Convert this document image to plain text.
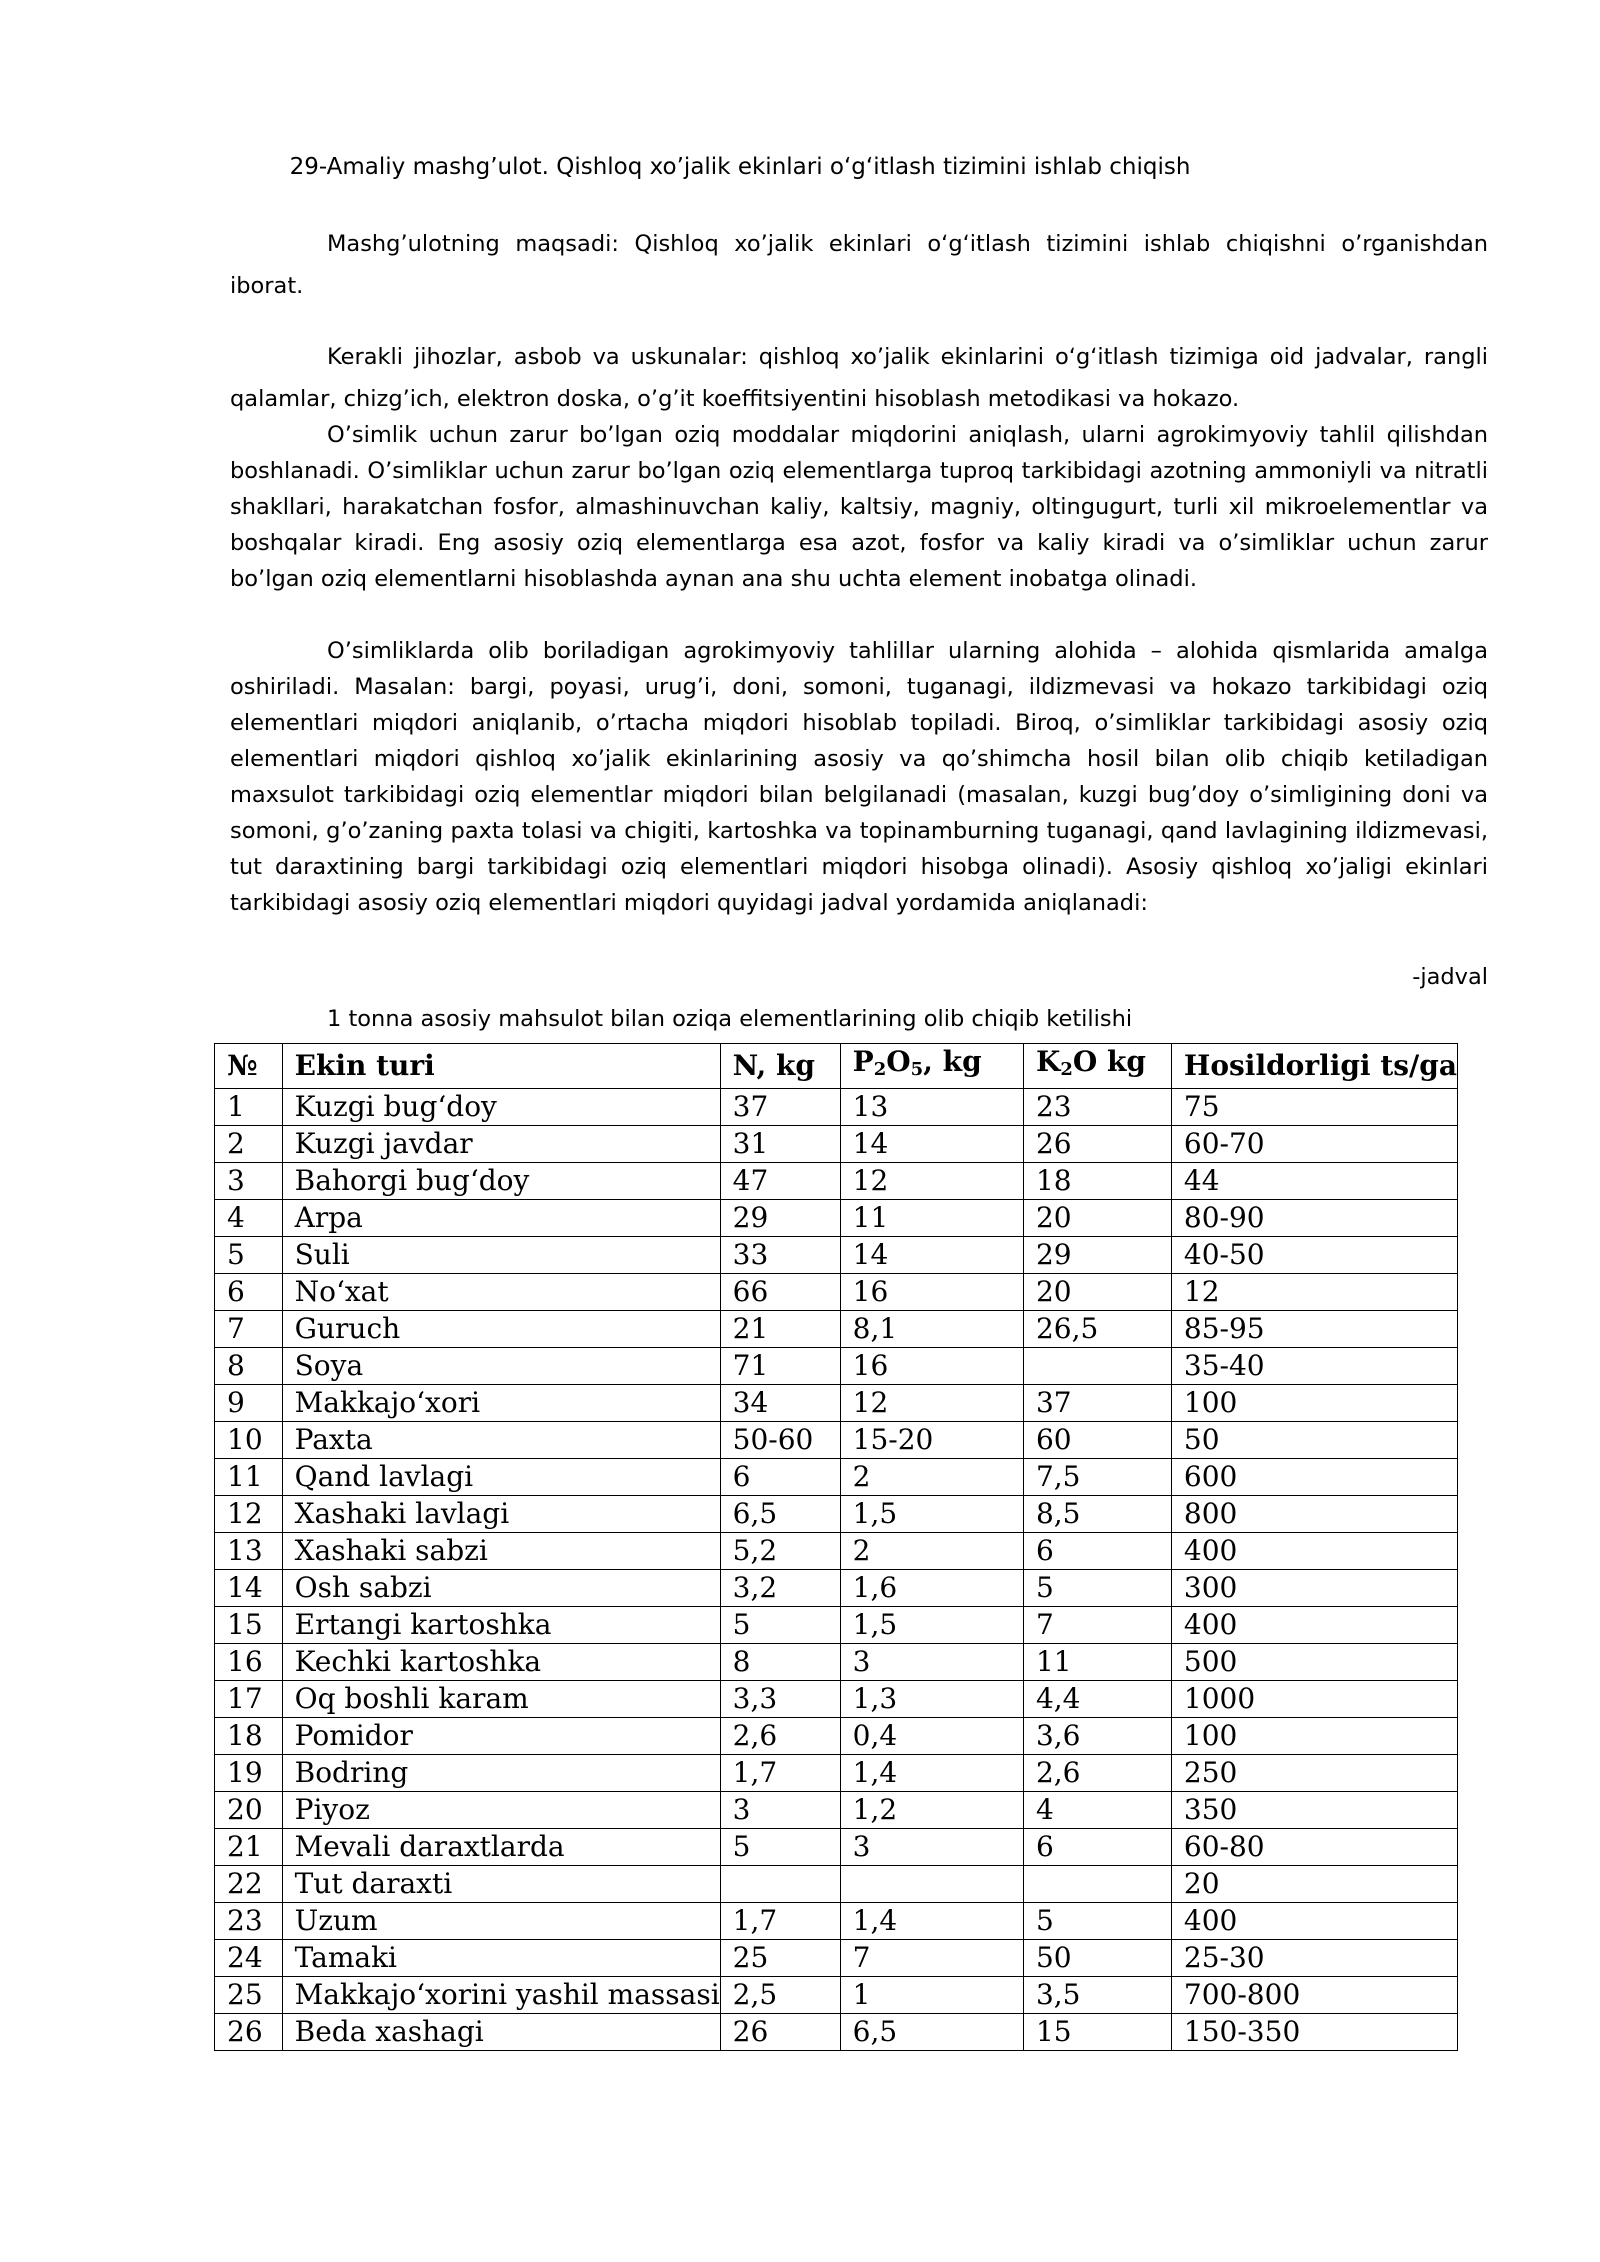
29-Amaliy mashg’ulot. Qishloq xo’jalik ekinlari oʻgʻitlash tizimini ishlab chiqish
Mashg’ulotning maqsadi: Qishloq xo’jalik ekinlari oʻgʻitlash tizimini ishlab chiqishni o’rganishdan iborat.
Kerakli jihozlar, asbob va uskunalar: qishloq xo’jalik ekinlarini oʻgʻitlash tizimiga oid jadvalar, rangli qalamlar, chizg’ich, elektron doska, o’g’it koeffitsiyentini hisoblash metodikasi va hokazo.
O’simlik uchun zarur bo’lgan oziq moddalar miqdorini aniqlash, ularni agrokimyoviy tahlil qilishdan boshlanadi. O’simliklar uchun zarur bo’lgan oziq elementlarga tuproq tarkibidagi azotning ammoniyli va nitratli shakllari, harakatchan fosfor, almashinuvchan kaliy, kaltsiy, magniy, oltingugurt, turli xil mikroelementlar va boshqalar kiradi. Eng asosiy oziq elementlarga esa azot, fosfor va kaliy kiradi va o’simliklar uchun zarur bo’lgan oziq elementlarni hisoblashda aynan ana shu uchta element inobatga olinadi.
O’simliklarda olib boriladigan agrokimyoviy tahlillar ularning alohida – alohida qismlarida amalga oshiriladi. Masalan: bargi, poyasi, urug’i, doni, somoni, tuganagi, ildizmevasi va hokazo tarkibidagi oziq elementlari miqdori aniqlanib, o’rtacha miqdori hisoblab topiladi. Biroq, o’simliklar tarkibidagi asosiy oziq elementlari miqdori qishloq xo’jalik ekinlarining asosiy va qo’shimcha hosil bilan olib chiqib ketiladigan maxsulot tarkibidagi oziq elementlar miqdori bilan belgilanadi (masalan, kuzgi bug’doy o’simligining doni va somoni, g’o’zaning paxta tolasi va chigiti, kartoshka va topinamburning tuganagi, qand lavlagining ildizmevasi, tut daraxtining bargi tarkibidagi oziq elementlari miqdori hisobga olinadi). Asosiy qishloq xo’jaligi ekinlari tarkibidagi asosiy oziq elementlari miqdori quyidagi jadval yordamida aniqlanadi:
-jadval
1 tonna asosiy mahsulot bilan oziqa elementlarining olib chiqib ketilishi
№	Ekin turi	N, kg	$P_2O_5$, kg	$K_2O$ kg	Hosildorligi ts/ga
1	Kuzgi bugʻdoy	37	13	23	75
2	Kuzgi javdar	31	14	26	60-70
3	Bahorgi bugʻdoy	47	12	18	44
4	Arpa	29	11	20	80-90
5	Suli	33	14	29	40-50
6	Noʻxat	66	16	20	12
7	Guruch	21	8,1	26,5	85-95
8	Soya	71	16		35-40
9	Makkajoʻxori	34	12	37	100
10	Paxta	50-60	15-20	60	50
11	Qand lavlagi	6	2	7,5	600
12	Xashaki lavlagi	6,5	1,5	8,5	800
13	Xashaki sabzi	5,2	2	6	400
14	Osh sabzi	3,2	1,6	5	300
15	Ertangi kartoshka	5	1,5	7	400
16	Kechki kartoshka	8	3	11	500
17	Oq boshli karam	3,3	1,3	4,4	1000
18	Pomidor	2,6	0,4	3,6	100
19	Bodring	1,7	1,4	2,6	250
20	Piyoz	3	1,2	4	350
21	Mevali daraxtlarda	5	3	6	60-80
22	Tut daraxti				20
23	Uzum	1,7	1,4	5	400
24	Tamaki	25	7	50	25-30
25	Makkajoʻxorini yashil massasi	2,5	1	3,5	700-800
26	Beda xashagi	26	6,5	15	150-350
